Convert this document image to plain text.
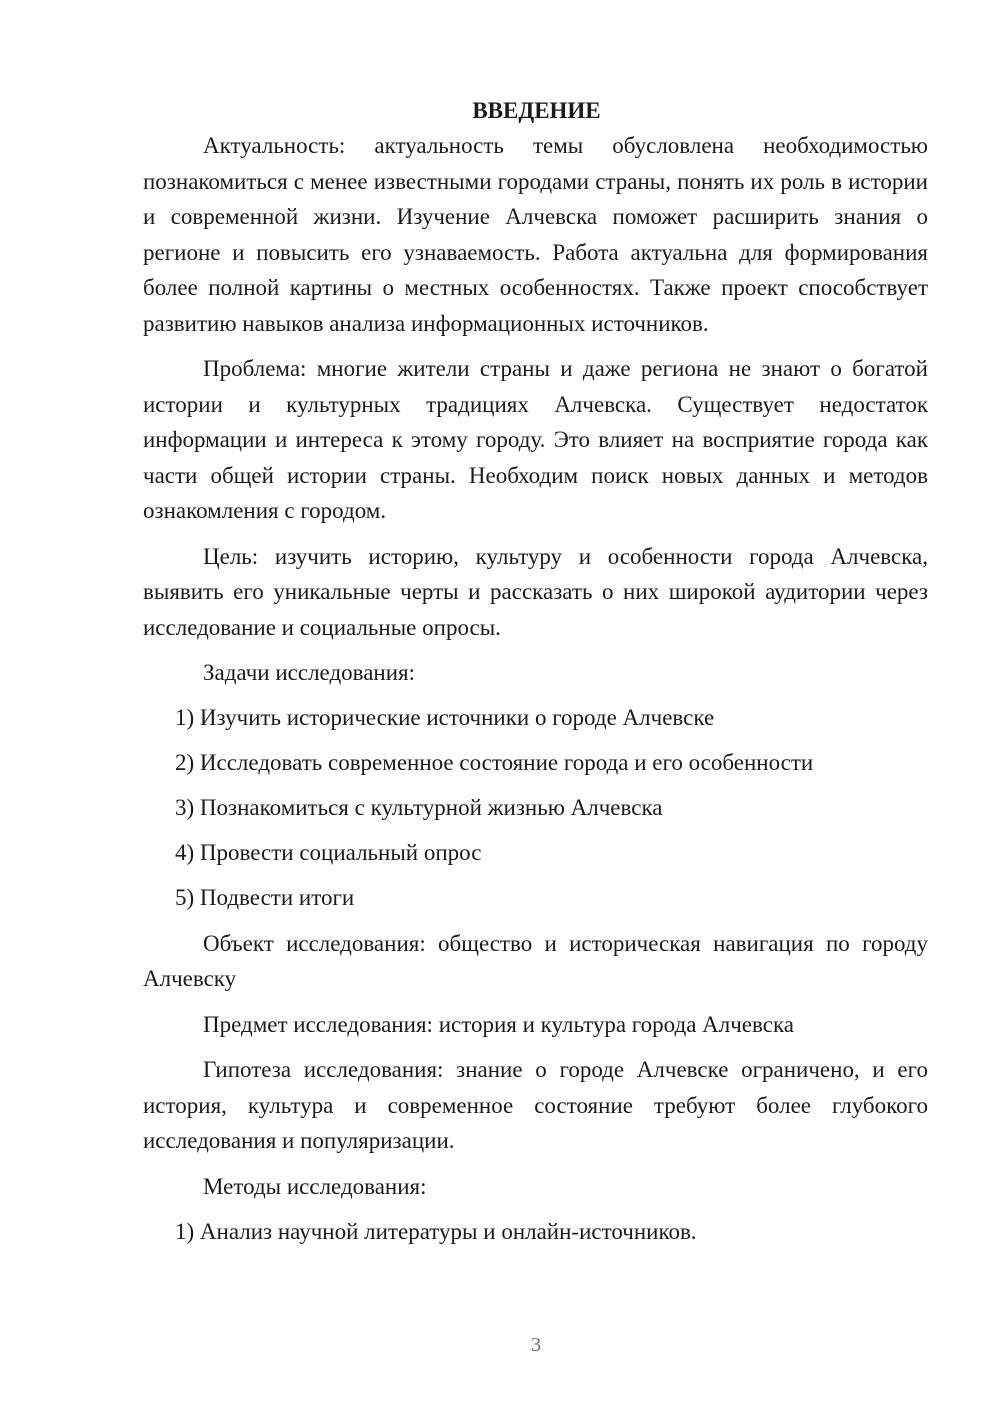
ВВЕДЕНИЕ

Актуальность: актуальность темы обусловлена необходимостью познакомиться с менее известными городами страны, понять их роль в истории и современной жизни. Изучение Алчевска поможет расширить знания о регионе и повысить его узнаваемость. Работа актуальна для формирования более полной картины о местных особенностях. Также проект способствует развитию навыков анализа информационных источников.

Проблема: многие жители страны и даже региона не знают о богатой истории и культурных традициях Алчевска. Существует недостаток информации и интереса к этому городу. Это влияет на восприятие города как части общей истории страны. Необходим поиск новых данных и методов ознакомления с городом.

Цель: изучить историю, культуру и особенности города Алчевска, выявить его уникальные черты и рассказать о них широкой аудитории через исследование и социальные опросы.

Задачи исследования:

1) Изучить исторические источники о городе Алчевске

2) Исследовать современное состояние города и его особенности

3) Познакомиться с культурной жизнью Алчевска

4) Провести социальный опрос

5) Подвести итоги

Объект исследования: общество и историческая навигация по городу Алчевску

Предмет исследования: история и культура города Алчевска

Гипотеза исследования: знание о городе Алчевске ограничено, и его история, культура и современное состояние требуют более глубокого исследования и популяризации.

Методы исследования:

1) Анализ научной литературы и онлайн-источников.

3
